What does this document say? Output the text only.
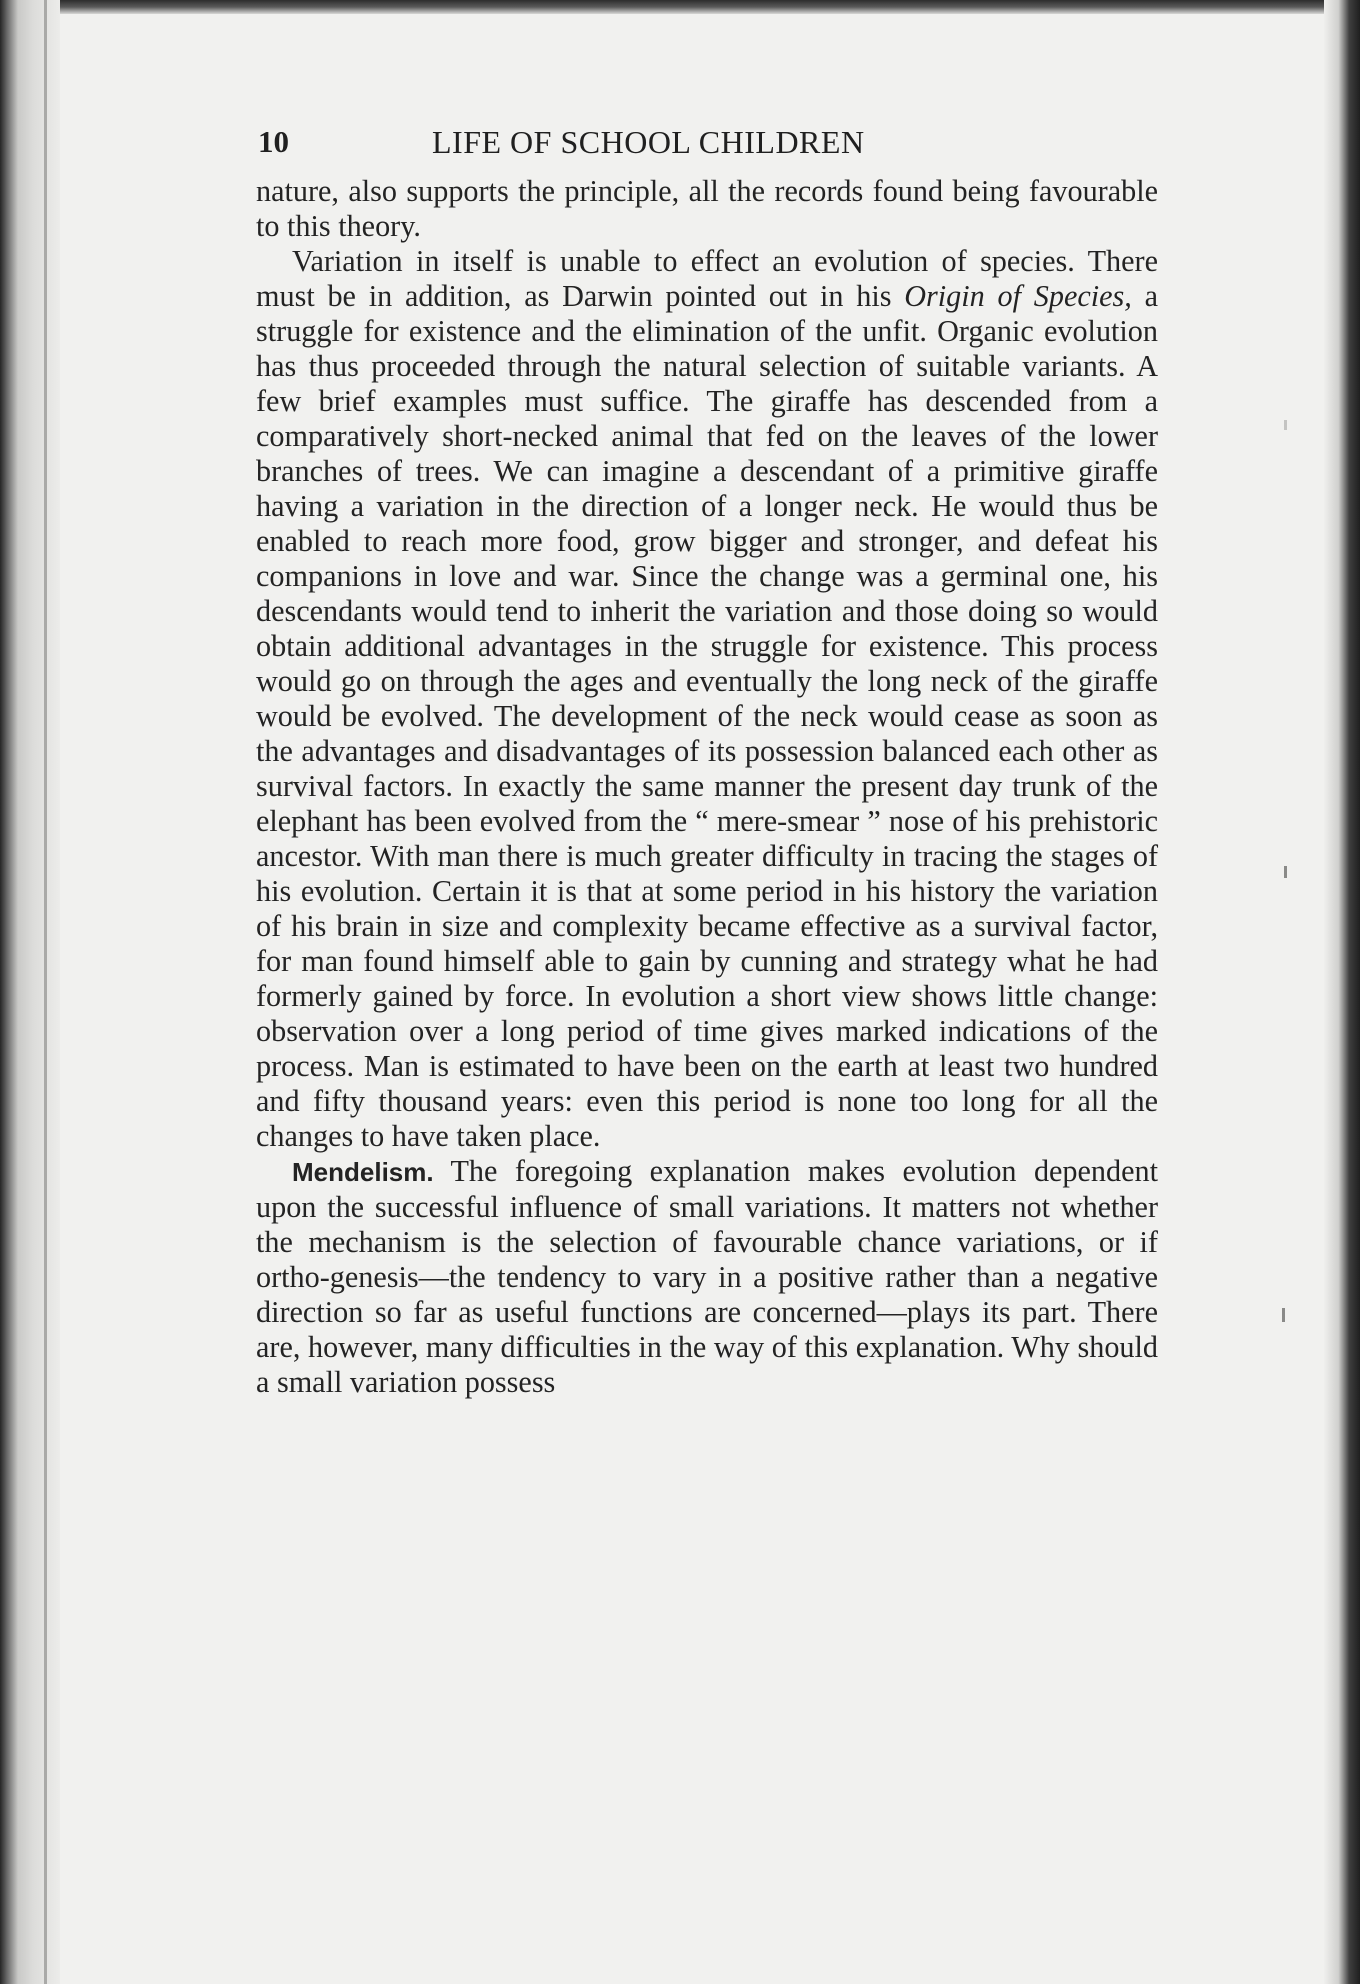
10	LIFE OF SCHOOL CHILDREN

nature, also supports the principle, all the records found being favourable to this theory.

Variation in itself is unable to effect an evolution of species. There must be in addition, as Darwin pointed out in his Origin of Species, a struggle for existence and the elimination of the unfit. Organic evolution has thus proceeded through the natural selection of suitable variants. A few brief examples must suffice. The giraffe has descended from a comparatively short-necked animal that fed on the leaves of the lower branches of trees. We can imagine a descendant of a primitive giraffe having a variation in the direction of a longer neck. He would thus be enabled to reach more food, grow bigger and stronger, and defeat his companions in love and war. Since the change was a germinal one, his descendants would tend to inherit the variation and those doing so would obtain additional advantages in the struggle for existence. This process would go on through the ages and eventually the long neck of the giraffe would be evolved. The development of the neck would cease as soon as the advantages and disadvantages of its possession balanced each other as survival factors. In exactly the same manner the present day trunk of the elephant has been evolved from the “ mere-smear ” nose of his prehistoric ancestor. With man there is much greater difficulty in tracing the stages of his evolution. Certain it is that at some period in his history the variation of his brain in size and complexity became effective as a survival factor, for man found himself able to gain by cunning and strategy what he had formerly gained by force. In evolution a short view shows little change: observation over a long period of time gives marked indications of the process. Man is estimated to have been on the earth at least two hundred and fifty thousand years: even this period is none too long for all the changes to have taken place.

Mendelism. The foregoing explanation makes evolution dependent upon the successful influence of small variations. It matters not whether the mechanism is the selection of favourable chance variations, or if ortho-genesis—the tendency to vary in a positive rather than a negative direction so far as useful functions are concerned—plays its part. There are, however, many difficulties in the way of this explanation. Why should a small variation possess
